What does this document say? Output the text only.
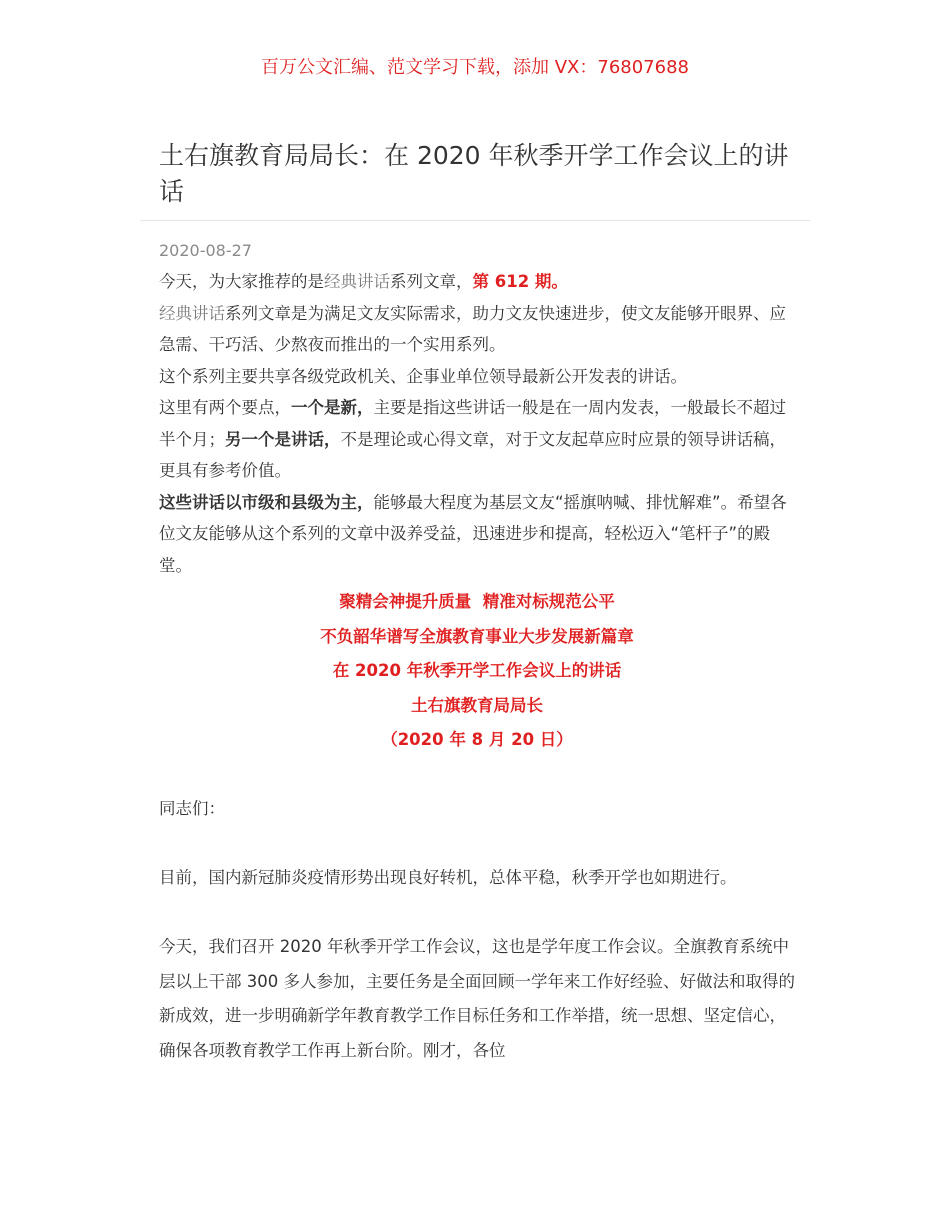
百万公文汇编、范文学习下载，添加 VX：76807688
土右旗教育局局长：在 2020 年秋季开学工作会议上的讲话
2020-08-27

今天，为大家推荐的是经典讲话系列文章，第 612 期。

经典讲话系列文章是为满足文友实际需求，助力文友快速进步，使文友能够开眼界、应急需、干巧活、少熬夜而推出的一个实用系列。

这个系列主要共享各级党政机关、企事业单位领导最新公开发表的讲话。

这里有两个要点，一个是新，主要是指这些讲话一般是在一周内发表，一般最长不超过半个月；另一个是讲话，不是理论或心得文章，对于文友起草应时应景的领导讲话稿，更具有参考价值。

这些讲话以市级和县级为主，能够最大程度为基层文友“摇旗呐喊、排忧解难”。希望各位文友能够从这个系列的文章中汲养受益，迅速进步和提高，轻松迈入“笔杆子”的殿堂。

聚精会神提升质量  精准对标规范公平

不负韶华谱写全旗教育事业大步发展新篇章

在 2020 年秋季开学工作会议上的讲话

土右旗教育局局长

（2020 年 8 月 20 日）

同志们：

目前，国内新冠肺炎疫情形势出现良好转机，总体平稳，秋季开学也如期进行。

今天，我们召开 2020 年秋季开学工作会议，这也是学年度工作会议。全旗教育系统中层以上干部 300 多人参加，主要任务是全面回顾一学年来工作好经验、好做法和取得的新成效，进一步明确新学年教育教学工作目标任务和工作举措，统一思想、坚定信心，确保各项教育教学工作再上新台阶。刚才，各位
